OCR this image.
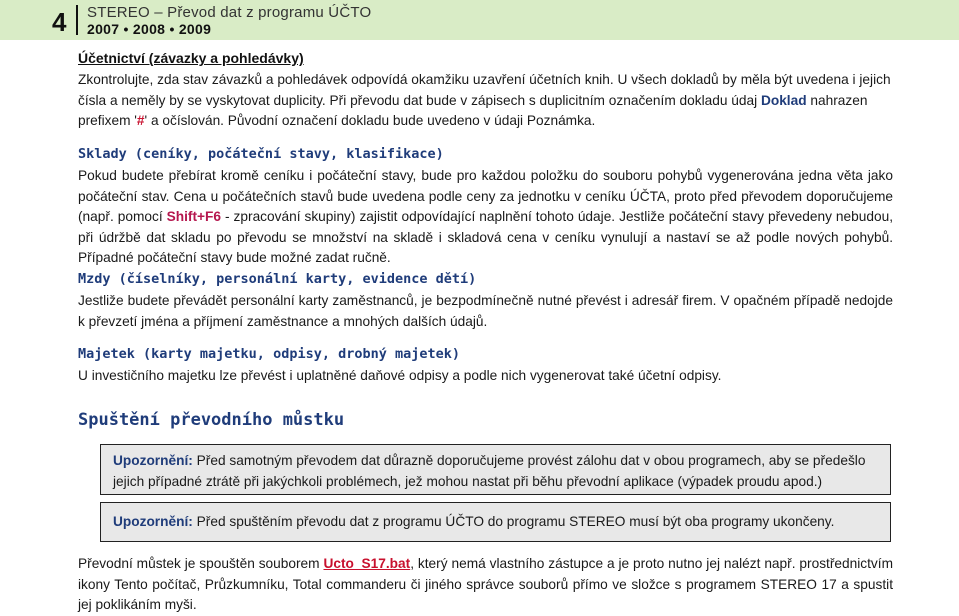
4 STEREO – Převod dat z programu ÚČTO
2007 • 2008 • 2009
Účetnictví (závazky a pohledávky)

Zkontrolujte, zda stav závazků a pohledávek odpovídá okamžiku uzavření účetních knih. U všech dokladů by měla být uvedena i jejich čísla a neměly by se vyskytovat duplicity. Při převodu dat bude v zápisech s duplicitním označením dokladu údaj Doklad nahrazen prefixem '#' a očíslován. Původní označení dokladu bude uvedeno v údaji Poznámka.

Sklady (ceníky, počáteční stavy, klasifikace)

Pokud budete přebírat kromě ceníku i počáteční stavy, bude pro každou položku do souboru pohybů vygenerována jedna věta jako počáteční stav. Cena u počátečních stavů bude uvedena podle ceny za jednotku v ceníku ÚČTA, proto před převodem doporučujeme (např. pomocí Shift+F6 - zpracování skupiny) zajistit odpovídající naplnění tohoto údaje. Jestliže počáteční stavy převedeny nebudou, při údržbě dat skladu po převodu se množství na skladě i skladová cena v ceníku vynulují a nastaví se až podle nových pohybů. Případné počáteční stavy bude možné zadat ručně.

Mzdy (číselníky, personální karty, evidence dětí)

Jestliže budete převádět personální karty zaměstnanců, je bezpodmínečně nutné převést i adresář firem. V opačném případě nedojde k převzetí jména a příjmení zaměstnance a mnohých dalších údajů.

Majetek (karty majetku, odpisy, drobný majetek)

U investičního majetku lze převést i uplatněné daňové odpisy a podle nich vygenerovat také účetní odpisy.

Spuštění převodního můstku
Upozornění: Před samotným převodem dat důrazně doporučujeme provést zálohu dat v obou programech, aby se předešlo jejich případné ztrátě při jakýchkoli problémech, jež mohou nastat při běhu převodní aplikace (výpadek proudu apod.)
Upozornění: Před spuštěním převodu dat z programu ÚČTO do programu STEREO musí být oba programy ukončeny.

Převodní můstek je spouštěn souborem Ucto_S17.bat, který nemá vlastního zástupce a je proto nutno jej nalézt např. prostřednictvím ikony Tento počítač, Průzkumníku, Total commanderu či jiného správce souborů přímo ve složce s programem STEREO 17 a spustit jej poklikáním myši.
